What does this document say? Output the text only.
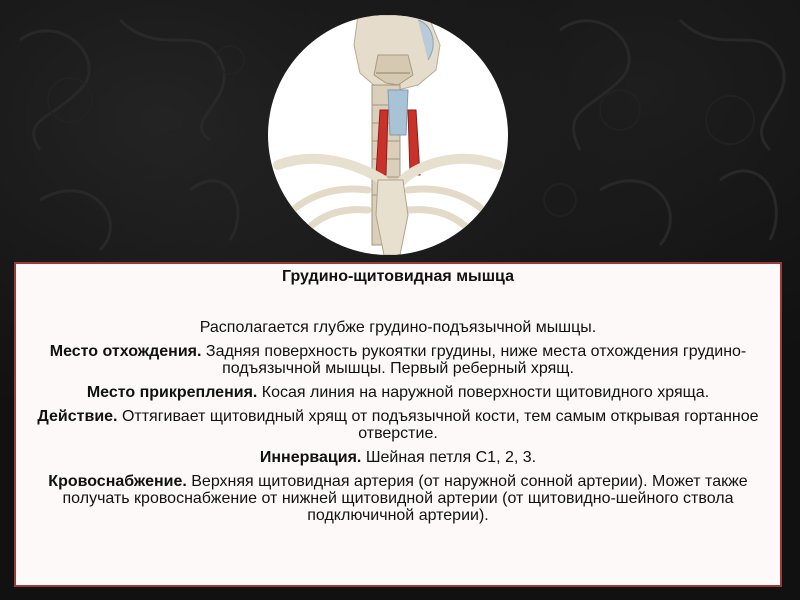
Грудино-щитовидная мышца

Располагается глубже грудино-подъязычной мышцы.

Место отхождения. Задняя поверхность рукоятки грудины, ниже места отхождения грудино-подъязычной мышцы. Первый реберный хрящ.

Место прикрепления. Косая линия на наружной поверхности щитовидного хряща.

Действие. Оттягивает щитовидный хрящ от подъязычной кости, тем самым открывая гортанное отверстие.

Иннервация. Шейная петля C1, 2, 3.

Кровоснабжение. Верхняя щитовидная артерия (от наружной сонной артерии). Может также получать кровоснабжение от нижней щитовидной артерии (от щитовидно-шейного ствола подключичной артерии).
